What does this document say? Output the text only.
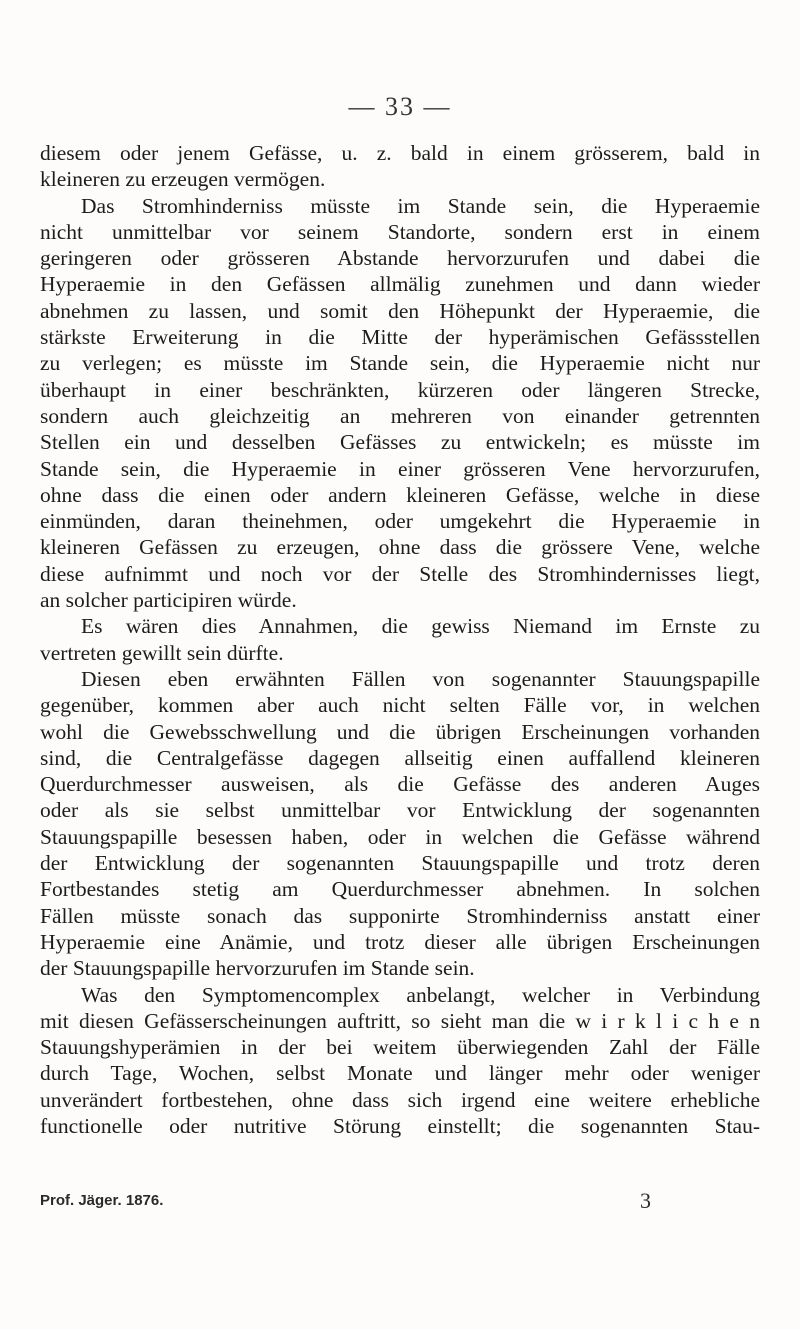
— 33 —
diesem oder jenem Gefässe, u. z. bald in einem grösserem, bald in
kleineren zu erzeugen vermögen.
Das Stromhinderniss müsste im Stande sein, die Hyperaemie
nicht unmittelbar vor seinem Standorte, sondern erst in einem
geringeren oder grösseren Abstande hervorzurufen und dabei die
Hyperaemie in den Gefässen allmälig zunehmen und dann wieder
abnehmen zu lassen, und somit den Höhepunkt der Hyperaemie, die
stärkste Erweiterung in die Mitte der hyperämischen Gefässstellen
zu verlegen; es müsste im Stande sein, die Hyperaemie nicht nur
überhaupt in einer beschränkten, kürzeren oder längeren Strecke,
sondern auch gleichzeitig an mehreren von einander getrennten
Stellen ein und desselben Gefässes zu entwickeln; es müsste im
Stande sein, die Hyperaemie in einer grösseren Vene hervorzurufen,
ohne dass die einen oder andern kleineren Gefässe, welche in diese
einmünden, daran theinehmen, oder umgekehrt die Hyperaemie in
kleineren Gefässen zu erzeugen, ohne dass die grössere Vene, welche
diese aufnimmt und noch vor der Stelle des Stromhindernisses liegt,
an solcher participiren würde.
Es wären dies Annahmen, die gewiss Niemand im Ernste zu
vertreten gewillt sein dürfte.
Diesen eben erwähnten Fällen von sogenannter Stauungspapille
gegenüber, kommen aber auch nicht selten Fälle vor, in welchen
wohl die Gewebsschwellung und die übrigen Erscheinungen vorhanden
sind, die Centralgefässe dagegen allseitig einen auffallend kleineren
Querdurchmesser ausweisen, als die Gefässe des anderen Auges
oder als sie selbst unmittelbar vor Entwicklung der sogenannten
Stauungspapille besessen haben, oder in welchen die Gefässe während
der Entwicklung der sogenannten Stauungspapille und trotz deren
Fortbestandes stetig am Querdurchmesser abnehmen. In solchen
Fällen müsste sonach das supponirte Stromhinderniss anstatt einer
Hyperaemie eine Anämie, und trotz dieser alle übrigen Erscheinungen
der Stauungspapille hervorzurufen im Stande sein.
Was den Symptomencomplex anbelangt, welcher in Verbindung
mit diesen Gefässerscheinungen auftritt, so sieht man die w i r k l i c h e n
Stauungshyperämien in der bei weitem überwiegenden Zahl der Fälle
durch Tage, Wochen, selbst Monate und länger mehr oder weniger
unverändert fortbestehen, ohne dass sich irgend eine weitere erhebliche
functionelle oder nutritive Störung einstellt; die sogenannten Stau-
Prof. Jäger. 1876.	3
